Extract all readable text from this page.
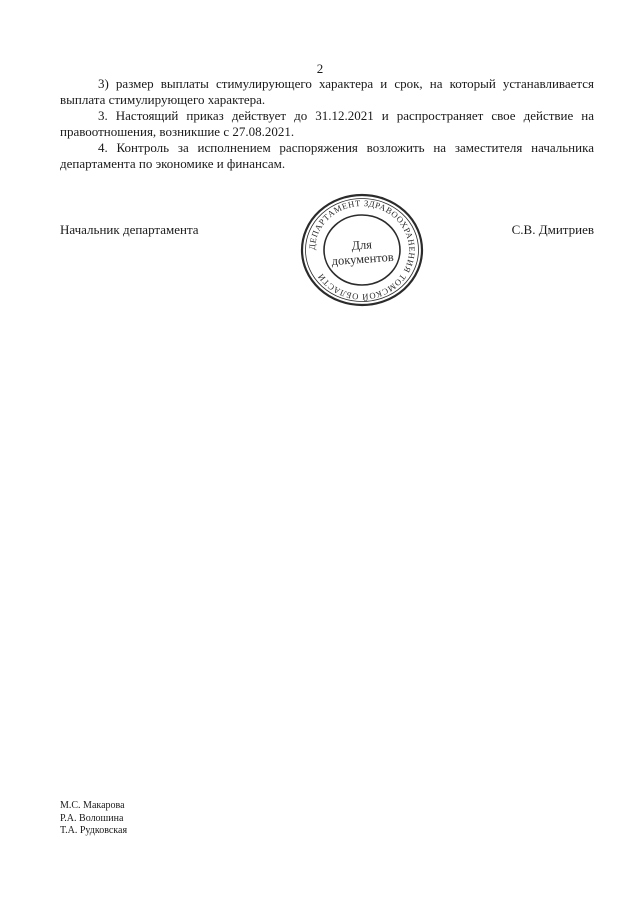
2

3) размер выплаты стимулирующего характера и срок, на который устанавливается выплата стимулирующего характера.

3. Настоящий приказ действует до 31.12.2021 и распространяет свое действие на правоотношения, возникшие с 27.08.2021.

4. Контроль за исполнением распоряжения возложить на заместителя начальника департамента по экономике и финансам.

Начальник департамента	С.В. Дмитриев
ДЕПАРТАМЕНТ ЗДРАВООХРАНЕНИЯ ТОМСКОЙ ОБЛАСТИ
Для
документов
М.С. Макарова
Р.А. Волошина
Т.А. Рудковская
